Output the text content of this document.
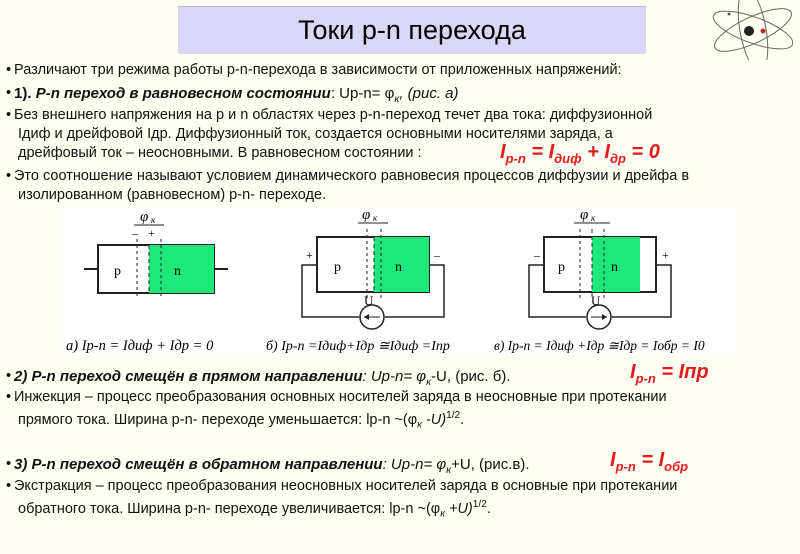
Токи p-n перехода
• Различают три режима работы p-n-перехода в зависимости от приложенных напряжений:
• 1). P-n переход в равновесном состоянии: $Up-n= \varphi_к$, (рис. а)
• Без внешнего напряжения на p и n областях через p-n-переход течет два тока: диффузионной
Iдиф и дрейфовой Iдр. Диффузионный ток, создается основными носителями заряда, а
дрейфовый ток – неосновными. В равновесном состоянии :	$I_{p-n} = I_{диф} + I_{др} = 0$
• Это соотношение называют условием динамического равновесия процессов диффузии и дрейфа в
изолированном (равновесном) p-n- переходе.
p	n
φ к
– +
p	n
φ к
+	–
U
p	n
φ к
–	+
U
а) Ip-n = Iдиф + Iдр = 0	б) Ip-n =Iдиф+Iдр ≅Iдиф =Iпр	в) Ip-n = Iдиф +Iдр ≅Iдр = Iобр = I0
• 2) P-n переход смещён в прямом направлении: $Up-n= \varphi_к-U$, (рис. б).	$I_{p-n}$ = Iпр
• Инжекция – процесс преобразования основных носителей заряда в неосновные при протекании
прямого тока. Ширина p-n- переходе уменьшается: lp-n $\sim(\varphi_к$ -U)$^{1/2}$.
• 3) P-n переход смещён в обратном направлении: $Up-n= \varphi_к+U$, (рис.в).	$I_{p-n} = I_{обр}$
• Экстракция – процесс преобразования неосновных носителей заряда в основные при протекании
обратного тока. Ширина p-n- переходе увеличивается: lp-n $\sim(\varphi_к +U)^{1/2}$.
